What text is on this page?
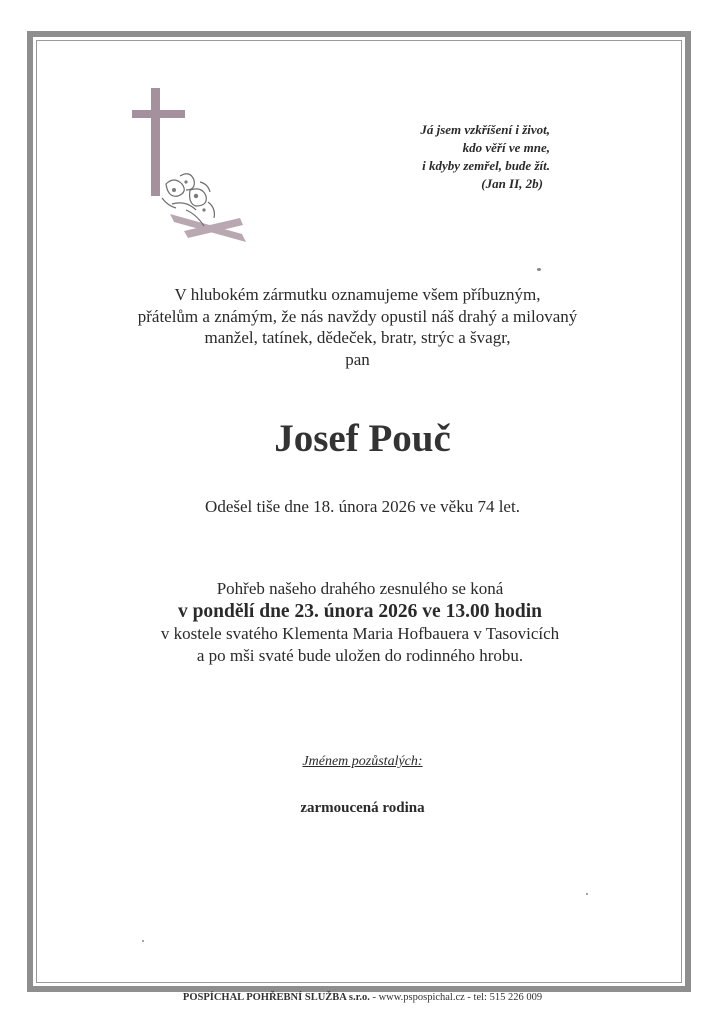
Já jsem vzkříšení i život,
kdo věří ve mne,
i kdyby zemřel, bude žít.
(Jan II, 2b)
V hlubokém zármutku oznamujeme všem příbuzným,
přátelům a známým, že nás navždy opustil náš drahý a milovaný
manžel, tatínek, dědeček, bratr, strýc a švagr,
pan
Josef Pouč
Odešel tiše dne 18. února 2026 ve věku 74 let.
Pohřeb našeho drahého zesnulého se koná
v pondělí dne 23. února 2026 ve 13.00 hodin
v kostele svatého Klementa Maria Hofbauera v Tasovicích
a po mši svaté bude uložen do rodinného hrobu.
Jménem pozůstalých:
zarmoucená rodina
POSPÍCHAL POHŘEBNÍ SLUŽBA s.r.o. - www.pspospichal.cz - tel: 515 226 009
